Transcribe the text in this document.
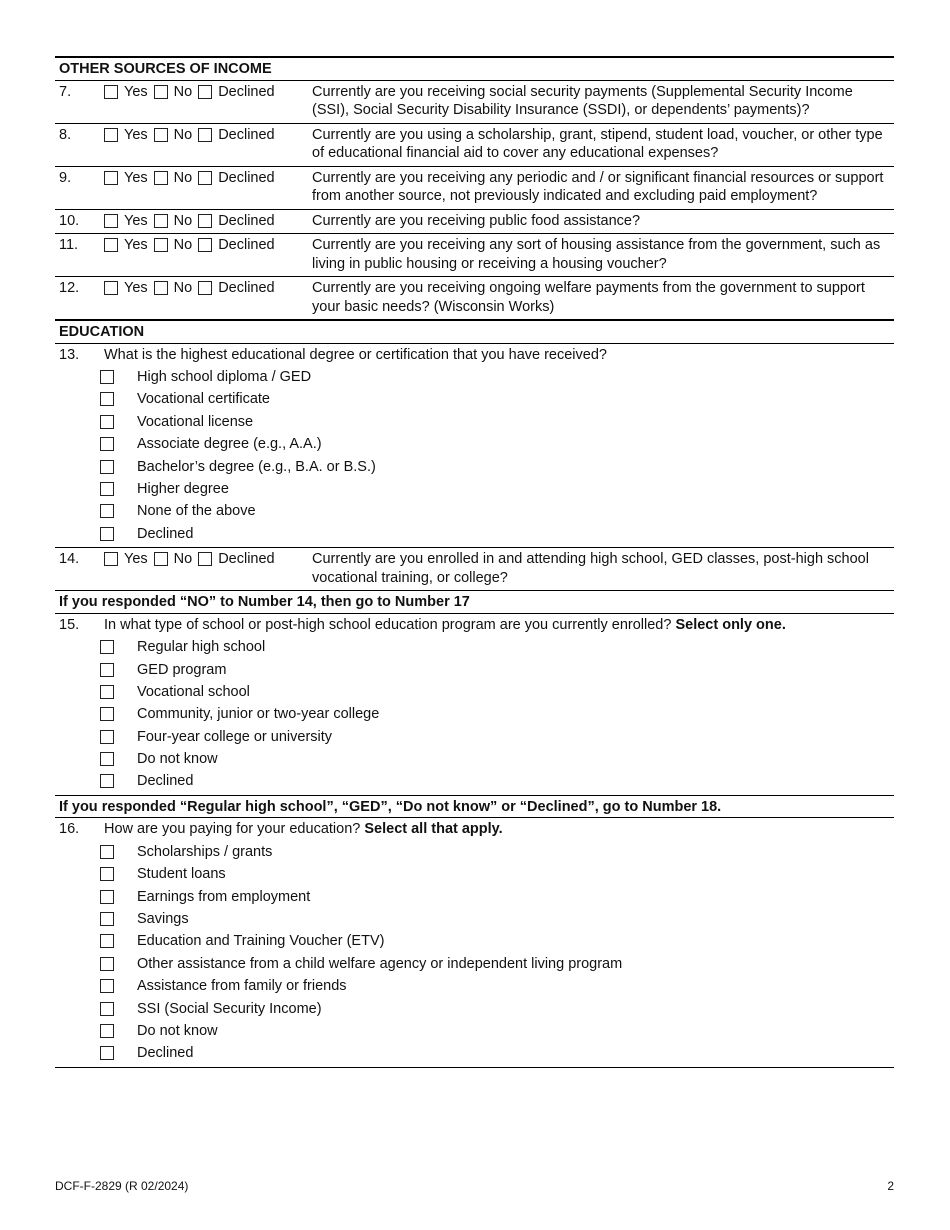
OTHER SOURCES OF INCOME
7.	Yes No Declined	Currently are you receiving social security payments (Supplemental Security Income (SSI), Social Security Disability Insurance (SSDI), or dependents’ payments)?
8.	Yes No Declined	Currently are you using a scholarship, grant, stipend, student load, voucher, or other type of educational financial aid to cover any educational expenses?
9.	Yes No Declined	Currently are you receiving any periodic and / or significant financial resources or support from another source, not previously indicated and excluding paid employment?
10.	Yes No Declined	Currently are you receiving public food assistance?
11.	Yes No Declined	Currently are you receiving any sort of housing assistance from the government, such as living in public housing or receiving a housing voucher?
12.	Yes No Declined	Currently are you receiving ongoing welfare payments from the government to support your basic needs? (Wisconsin Works)
EDUCATION
13.	What is the highest educational degree or certification that you have received?
High school diploma / GED
Vocational certificate
Vocational license
Associate degree (e.g., A.A.)
Bachelor’s degree (e.g., B.A. or B.S.)
Higher degree
None of the above
Declined
14.	Yes No Declined	Currently are you enrolled in and attending high school, GED classes, post-high school vocational training, or college?
If you responded “NO” to Number 14, then go to Number 17
15.	In what type of school or post-high school education program are you currently enrolled? Select only one.
Regular high school
GED program
Vocational school
Community, junior or two-year college
Four-year college or university
Do not know
Declined
If you responded “Regular high school”, “GED”, “Do not know” or “Declined”, go to Number 18.
16.	How are you paying for your education? Select all that apply.
Scholarships / grants
Student loans
Earnings from employment
Savings
Education and Training Voucher (ETV)
Other assistance from a child welfare agency or independent living program
Assistance from family or friends
SSI (Social Security Income)
Do not know
Declined
DCF-F-2829 (R 02/2024)	2
